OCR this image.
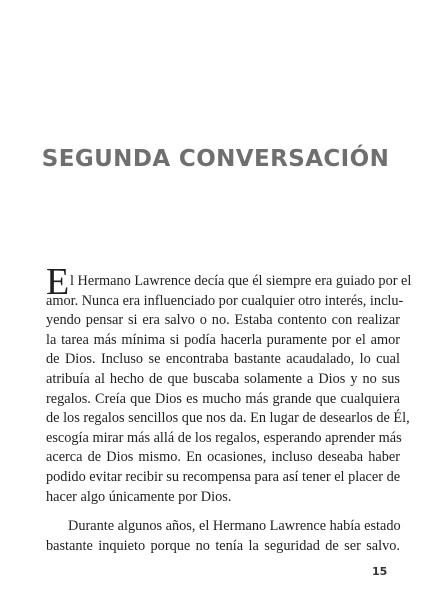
SEGUNDA CONVERSACIÓN

E l Hermano Lawrence decía que él siempre era guiado por el
amor. Nunca era influenciado por cualquier otro interés, inclu-
yendo pensar si era salvo o no. Estaba contento con realizar
la tarea más mínima si podía hacerla puramente por el amor
de Dios. Incluso se encontraba bastante acaudalado, lo cual
atribuía al hecho de que buscaba solamente a Dios y no sus
regalos. Creía que Dios es mucho más grande que cualquiera
de los regalos sencillos que nos da. En lugar de desearlos de Él,
escogía mirar más allá de los regalos, esperando aprender más
acerca de Dios mismo. En ocasiones, incluso deseaba haber
podido evitar recibir su recompensa para así tener el placer de
hacer algo únicamente por Dios.

Durante algunos años, el Hermano Lawrence había estado
bastante inquieto porque no tenía la seguridad de ser salvo.

15
